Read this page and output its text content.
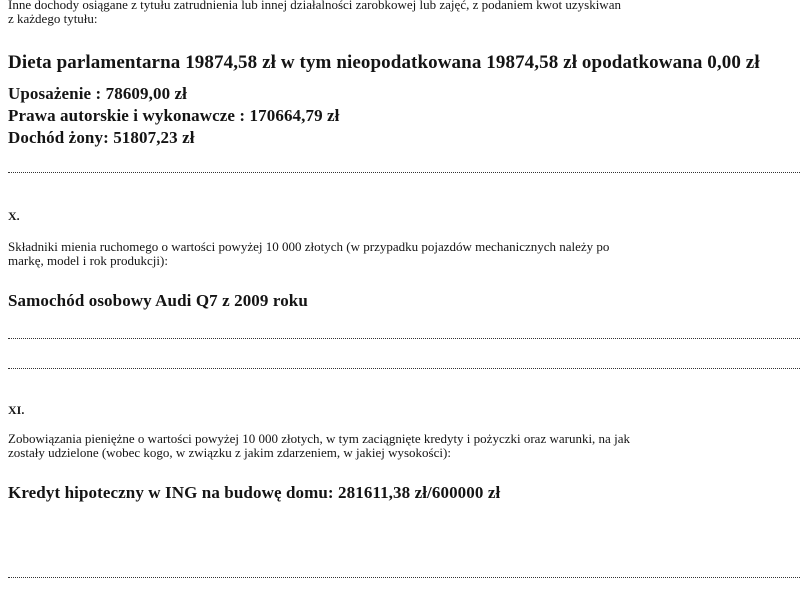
Inne dochody osiągane z tytułu zatrudnienia lub innej działalności zarobkowej lub zajęć, z podaniem kwot uzyskiwan
z każdego tytułu:
Dieta parlamentarna 19874,58 zł w tym nieopodatkowana 19874,58 zł opodatkowana 0,00 zł
Uposażenie : 78609,00 zł
Prawa autorskie i wykonawcze : 170664,79 zł
Dochód żony: 51807,23 zł
X.
Składniki mienia ruchomego o wartości powyżej 10 000 złotych (w przypadku pojazdów mechanicznych należy po
markę, model i rok produkcji):
Samochód osobowy Audi Q7 z 2009 roku
XI.
Zobowiązania pieniężne o wartości powyżej 10 000 złotych, w tym zaciągnięte kredyty i pożyczki oraz warunki, na jak
zostały udzielone (wobec kogo, w związku z jakim zdarzeniem, w jakiej wysokości):
Kredyt hipoteczny w ING na budowę domu: 281611,38 zł/600000 zł
